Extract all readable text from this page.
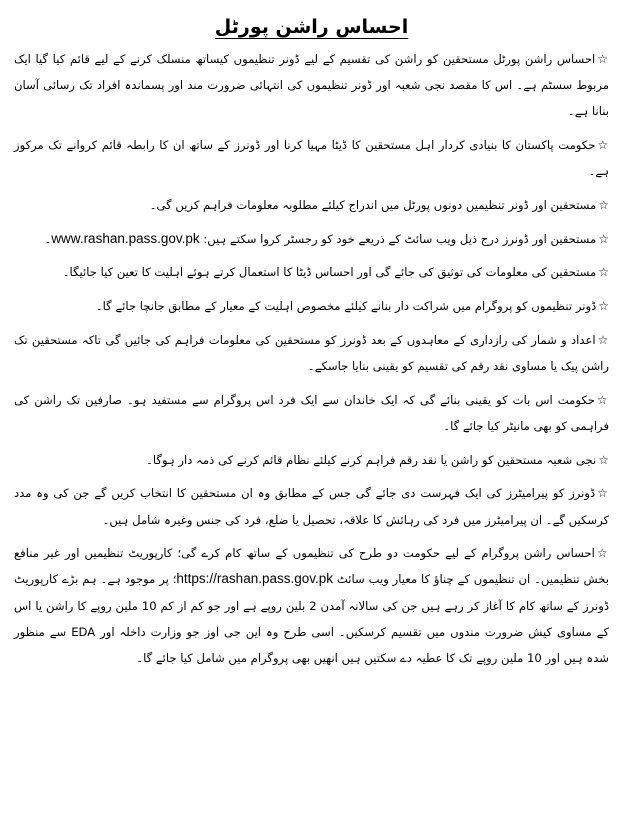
احساس راشن پورٹل

☆احساس راشن پورٹل مستحقین کو راشن کی تقسیم کے لیے ڈونر تنظیموں کیساتھ منسلک کرنے کے لیے قائم کیا گیا ایک مربوط سسٹم ہے۔ اس کا مقصد نجی شعبہ اور ڈونر تنظیموں کی انتہائی ضرورت مند اور پسماندہ افراد تک رسائی آسان بنانا ہے۔

☆حکومت پاکستان کا بنیادی کردار اہل مستحقین کا ڈیٹا مہیا کرنا اور ڈونرز کے ساتھ ان کا رابطہ قائم کروانے تک مرکوز ہے۔

☆مستحقین اور ڈونر تنظیمیں دونوں پورٹل میں اندراج کیلئے مطلوبہ معلومات فراہم کریں گی۔

☆مستحقین اور ڈونرز درج ذیل ویب سائٹ کے ذریعے خود کو رجسٹر کروا سکتے ہیں: www.rashan.pass.gov.pk۔

☆مستحقین کی معلومات کی توثیق کی جائے گی اور احساس ڈیٹا کا استعمال کرتے ہوئے اہلیت کا تعین کیا جائیگا۔

☆ڈونر تنظیموں کو پروگرام میں شراکت دار بنانے کیلئے مخصوص اہلیت کے معیار کے مطابق جانچا جائے گا۔

☆اعداد و شمار کی رازداری کے معاہدوں کے بعد ڈونرز کو مستحقین کی معلومات فراہم کی جائیں گی تاکہ مستحقین تک راشن پیک یا مساوی نقد رقم کی تقسیم کو یقینی بنایا جاسکے۔

☆حکومت اس بات کو یقینی بنائے گی کہ ایک خاندان سے ایک فرد اس پروگرام سے مستفید ہو۔ صارفین تک راشن کی فراہمی کو بھی مانیٹر کیا جائے گا۔

☆نجی شعبہ مستحقین کو راشن یا نقد رقم فراہم کرنے کیلئے نظام قائم کرنے کی ذمہ دار ہوگا۔

☆ڈونرز کو پیرامیٹرز کی ایک فہرست دی جائے گی جس کے مطابق وہ ان مستحقین کا انتخاب کریں گے جن کی وہ مدد کرسکیں گے۔ ان پیرامیٹرز میں فرد کی رہائش کا علاقہ، تحصیل یا ضلع، فرد کی جنس وغیرہ شامل ہیں۔

☆احساس راشن پروگرام کے لیے حکومت دو طرح کی تنظیموں کے ساتھ کام کرے گی؛ کارپوریٹ تنظیمیں اور غیر منافع بخش تنظیمیں۔ ان تنظیموں کے چناؤ کا معیار ویب سائٹ https://rashan.pass.gov.pk؛ پر موجود ہے۔ ہم بڑے کارپوریٹ ڈونرز کے ساتھ کام کا آغاز کر رہے ہیں جن کی سالانہ آمدن 2 بلین روپے ہے اور جو کم از کم 10 ملین روپے کا راشن یا اس کے مساوی کیش ضرورت مندوں میں تقسیم کرسکیں۔ اسی طرح وہ این جی اوز جو وزارت داخلہ اور EDA سے منظور شدہ ہیں اور 10 ملین روپے تک کا عطیہ دے سکتیں ہیں انھیں بھی پروگرام میں شامل کیا جائے گا۔
